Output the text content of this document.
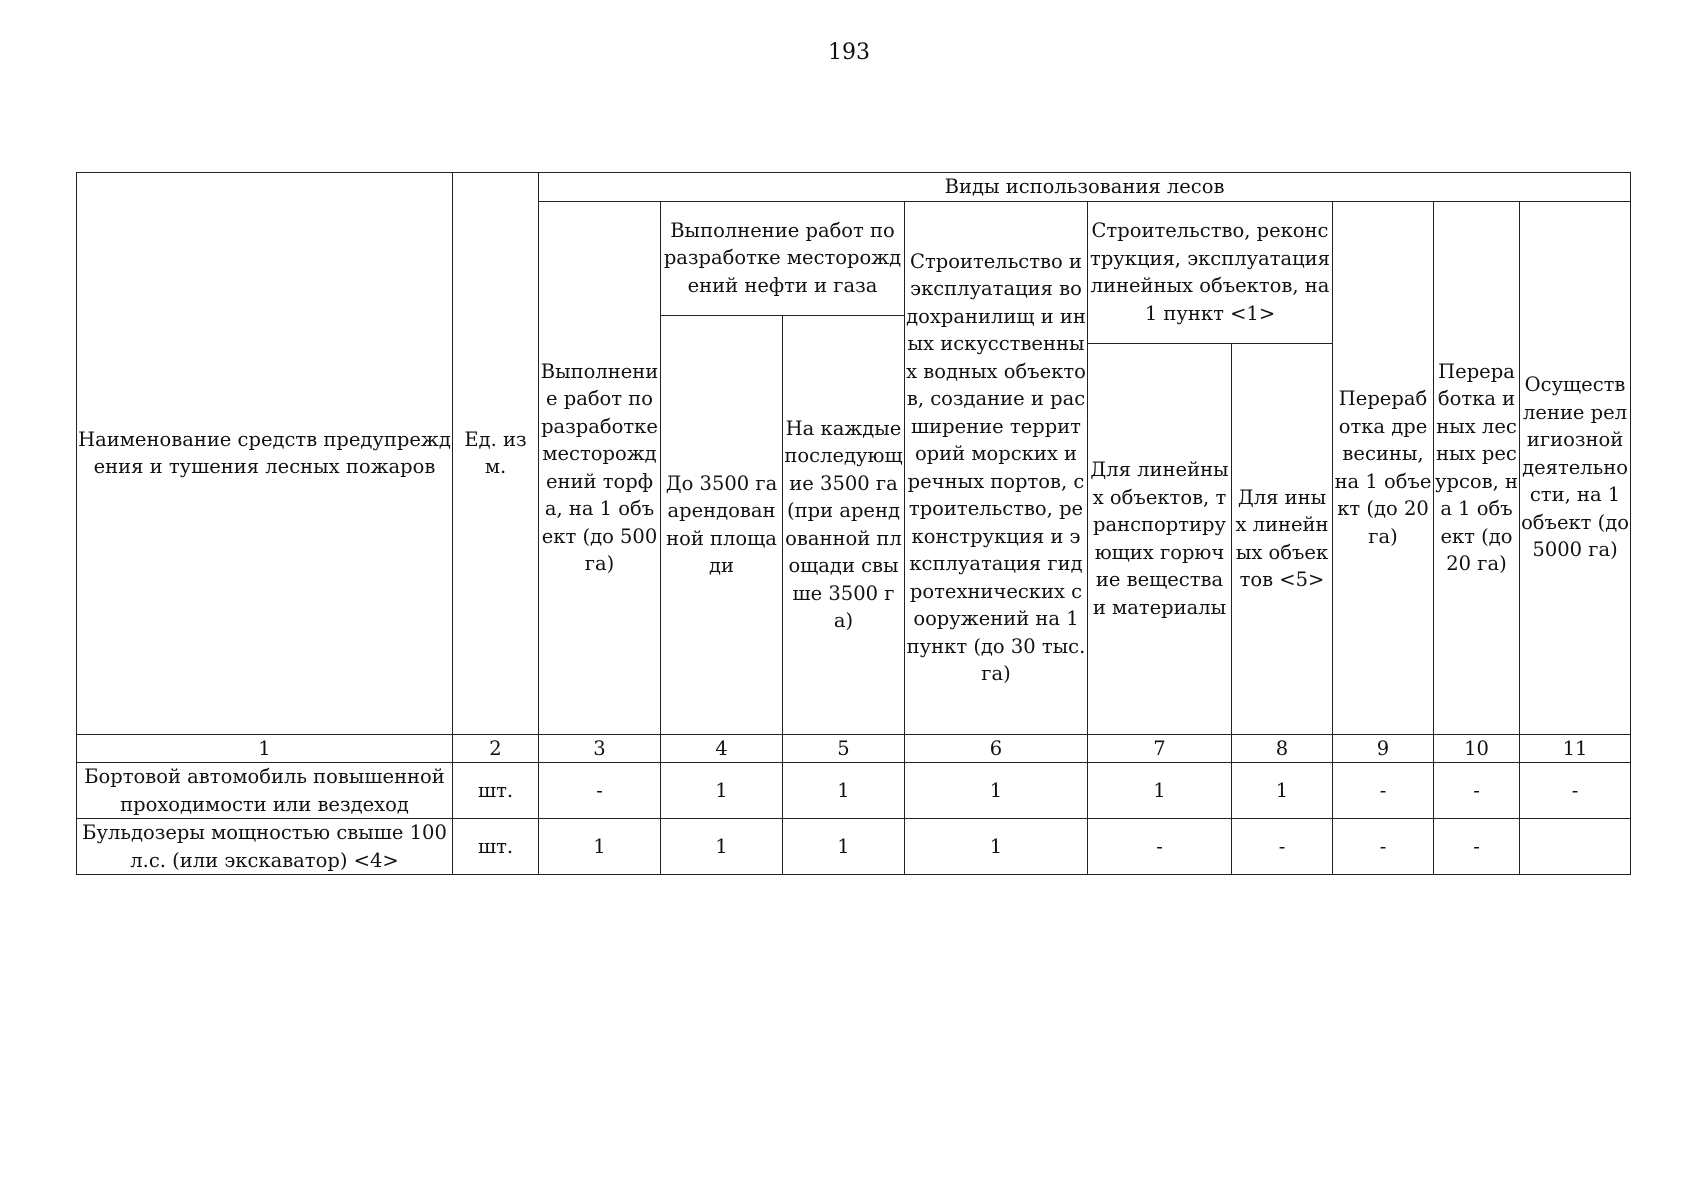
193
Наименование средств предупреждения и тушения лесных пожаров	Ед. изм.	Виды использования лесов								
		Выполнение работ по разработке месторождений торфа, на 1 объект (до 500 га)	Выполнение работ по разработке месторождений нефти и газа		Строительство и эксплуатация водохранилищ и иных искусственных водных объектов, создание и расширение территорий морских и речных портов, строительство, реконструкция и эксплуатация гидротехнических сооружений на 1 пункт (до 30 тыс. га)	Строительство, реконструкция, эксплуатация линейных объектов, на 1 пункт <1>		Переработка древесины, на 1 объект (до 20 га)	Переработка иных лесных ресурсов, на 1 объект (до 20 га)	Осуществление религиозной деятельности, на 1 объект (до 5000 га)
			До 3500 га арендованной площади	На каждые последующие 3500 га (при арендованной площади свыше 3500 га)						
						Для линейных объектов, транспортирующих горючие вещества и материалы	Для иных линейных объектов <5>			
1	2	3	4	5	6	7	8	9	10	11
Бортовой автомобиль повышенной проходимости или вездеход	шт.	-	1	1	1	1	1	-	-	-
Бульдозеры мощностью свыше 100 л.с. (или экскаватор) <4>	шт.	1	1	1	1	-	-	-	-	
